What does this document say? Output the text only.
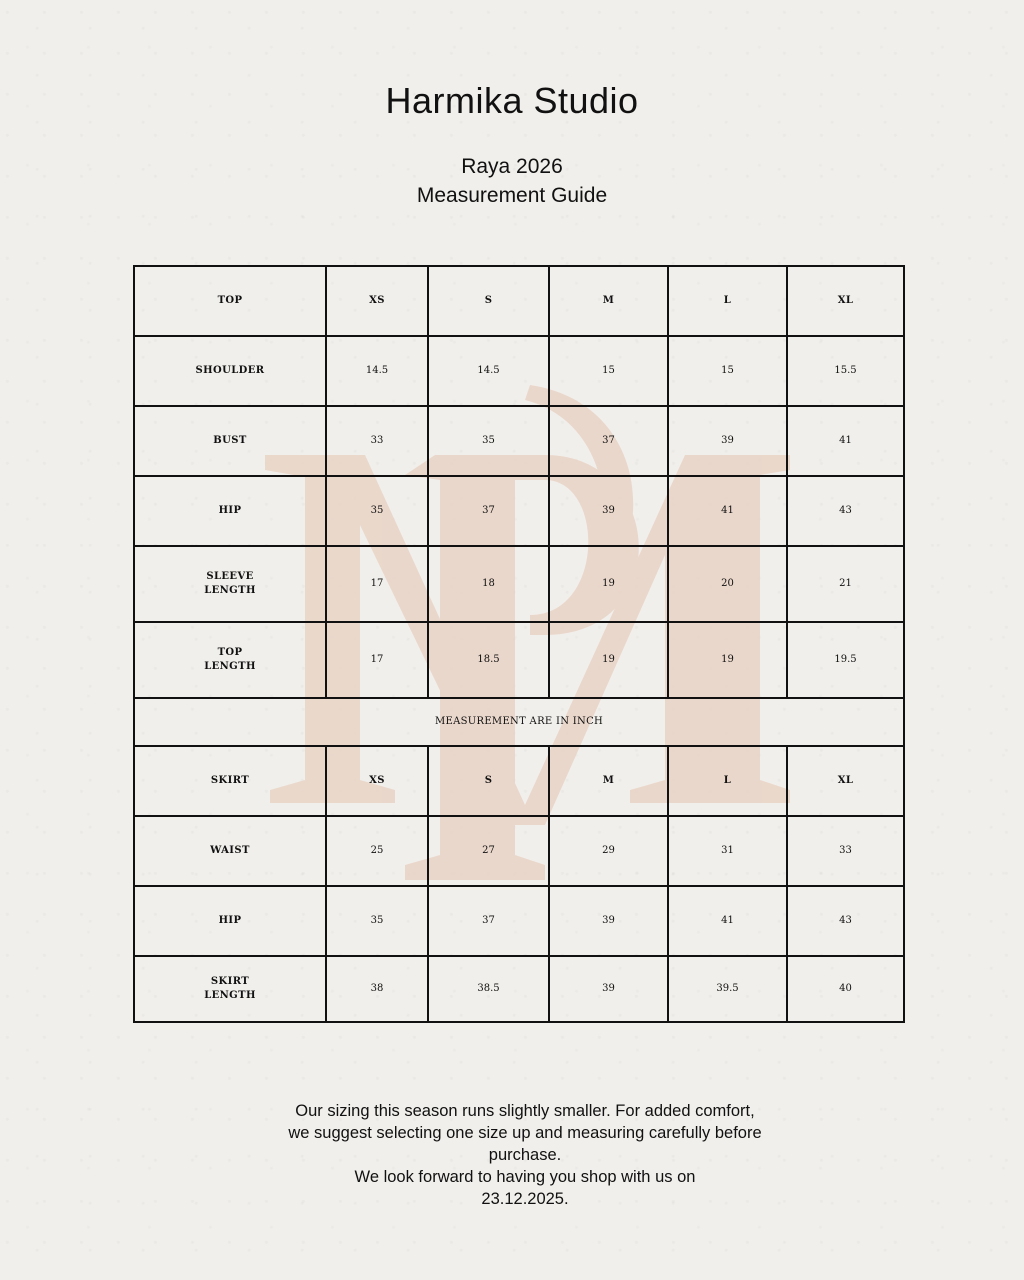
Harmika Studio

Raya 2026

Measurement Guide

TOP	XS	S	M	L	XL
SHOULDER	14.5	14.5	15	15	15.5
BUST	33	35	37	39	41
HIP	35	37	39	41	43
SLEEVE
LENGTH	17	18	19	20	21
TOP
LENGTH	17	18.5	19	19	19.5
MEASUREMENT ARE IN INCH					
SKIRT	XS	S	M	L	XL
WAIST	25	27	29	31	33
HIP	35	37	39	41	43
SKIRT
LENGTH	38	38.5	39	39.5	40

Our sizing this season runs slightly smaller. For added comfort,

we suggest selecting one size up and measuring carefully before

purchase.

We look forward to having you shop with us on

23.12.2025.
